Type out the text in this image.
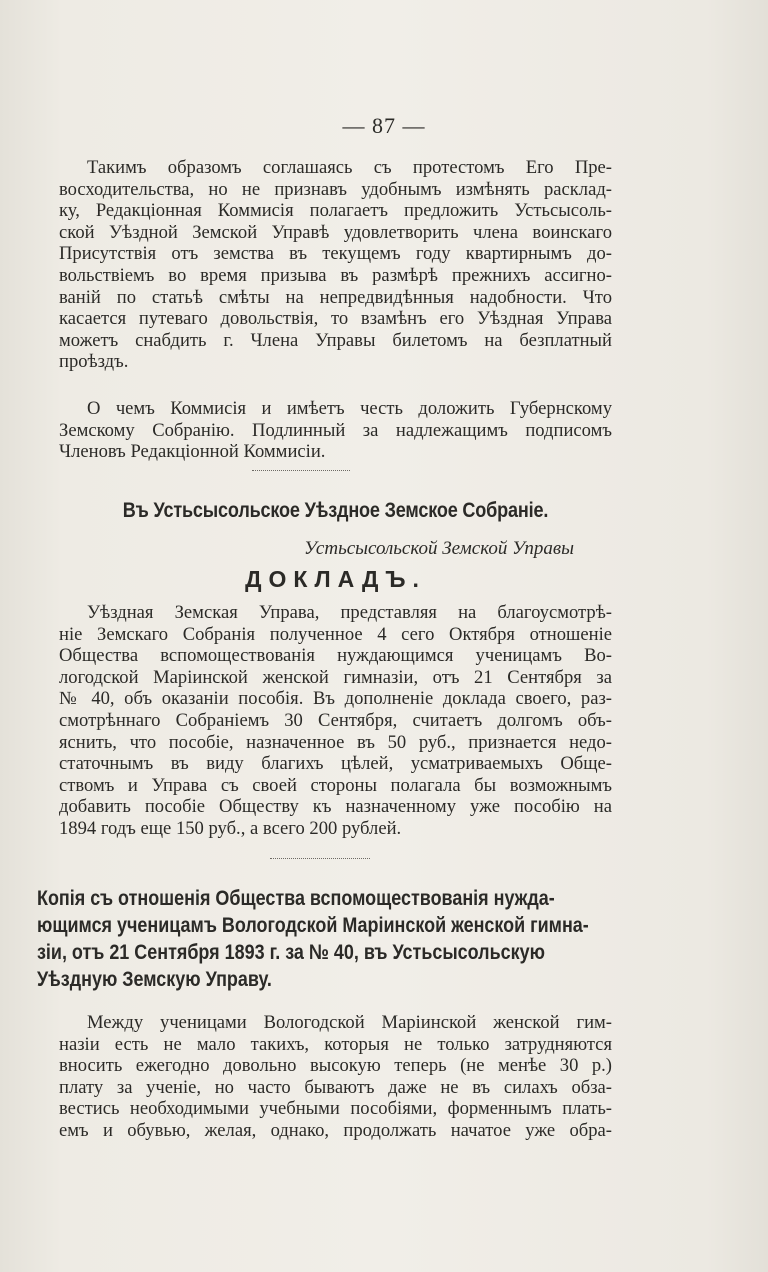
— 87 —
Такимъ образомъ соглашаясь съ протестомъ Его Пре-
восходительства, но не признавъ удобнымъ измѣнять расклад-
ку, Редакціонная Коммисія полагаетъ предложить Устьсысоль-
ской Уѣздной Земской Управѣ удовлетворить члена воинскаго
Присутствія отъ земства въ текущемъ году квартирнымъ до-
вольствіемъ во время призыва въ размѣрѣ прежнихъ ассигно-
ваній по статьѣ смѣты на непредвидѣнныя надобности. Что
касается путеваго довольствія, то взамѣнъ его Уѣздная Управа
можетъ снабдить г. Члена Управы билетомъ на безплатный
проѣздъ.
О чемъ Коммисія и имѣетъ честь доложить Губернскому
Земскому Собранію. Подлинный за надлежащимъ подписомъ
Членовъ Редакціонной Коммисіи.
Въ Устьсысольское Уѣздное Земское Собраніе.
Устьсысольской Земской Управы
ДОКЛАДЪ.
Уѣздная Земская Управа, представляя на благоусмотрѣ-
ніе Земскаго Собранія полученное 4 сего Октября отношеніе
Общества вспомоществованія нуждающимся ученицамъ Во-
логодской Маріинской женской гимназіи, отъ 21 Сентября за
№ 40, объ оказаніи пособія. Въ дополненіе доклада своего, раз-
смотрѣннаго Собраніемъ 30 Сентября, считаетъ долгомъ объ-
яснить, что пособіе, назначенное въ 50 руб., признается недо-
статочнымъ въ виду благихъ цѣлей, усматриваемыхъ Обще-
ствомъ и Управа съ своей стороны полагала бы возможнымъ
добавить пособіе Обществу къ назначенному уже пособію на
1894 годъ еще 150 руб., а всего 200 рублей.
Копія съ отношенія Общества вспомоществованія нужда-
ющимся ученицамъ Вологодской Маріинской женской гимна-
зіи, отъ 21 Сентября 1893 г. за № 40, въ Устьсысольскую
Уѣздную Земскую Управу.
Между ученицами Вологодской Маріинской женской гим-
назіи есть не мало такихъ, которыя не только затрудняются
вносить ежегодно довольно высокую теперь (не менѣе 30 р.)
плату за ученіе, но часто бываютъ даже не въ силахъ обза-
вестись необходимыми учебными пособіями, форменнымъ плать-
емъ и обувью, желая, однако, продолжать начатое уже обра-
